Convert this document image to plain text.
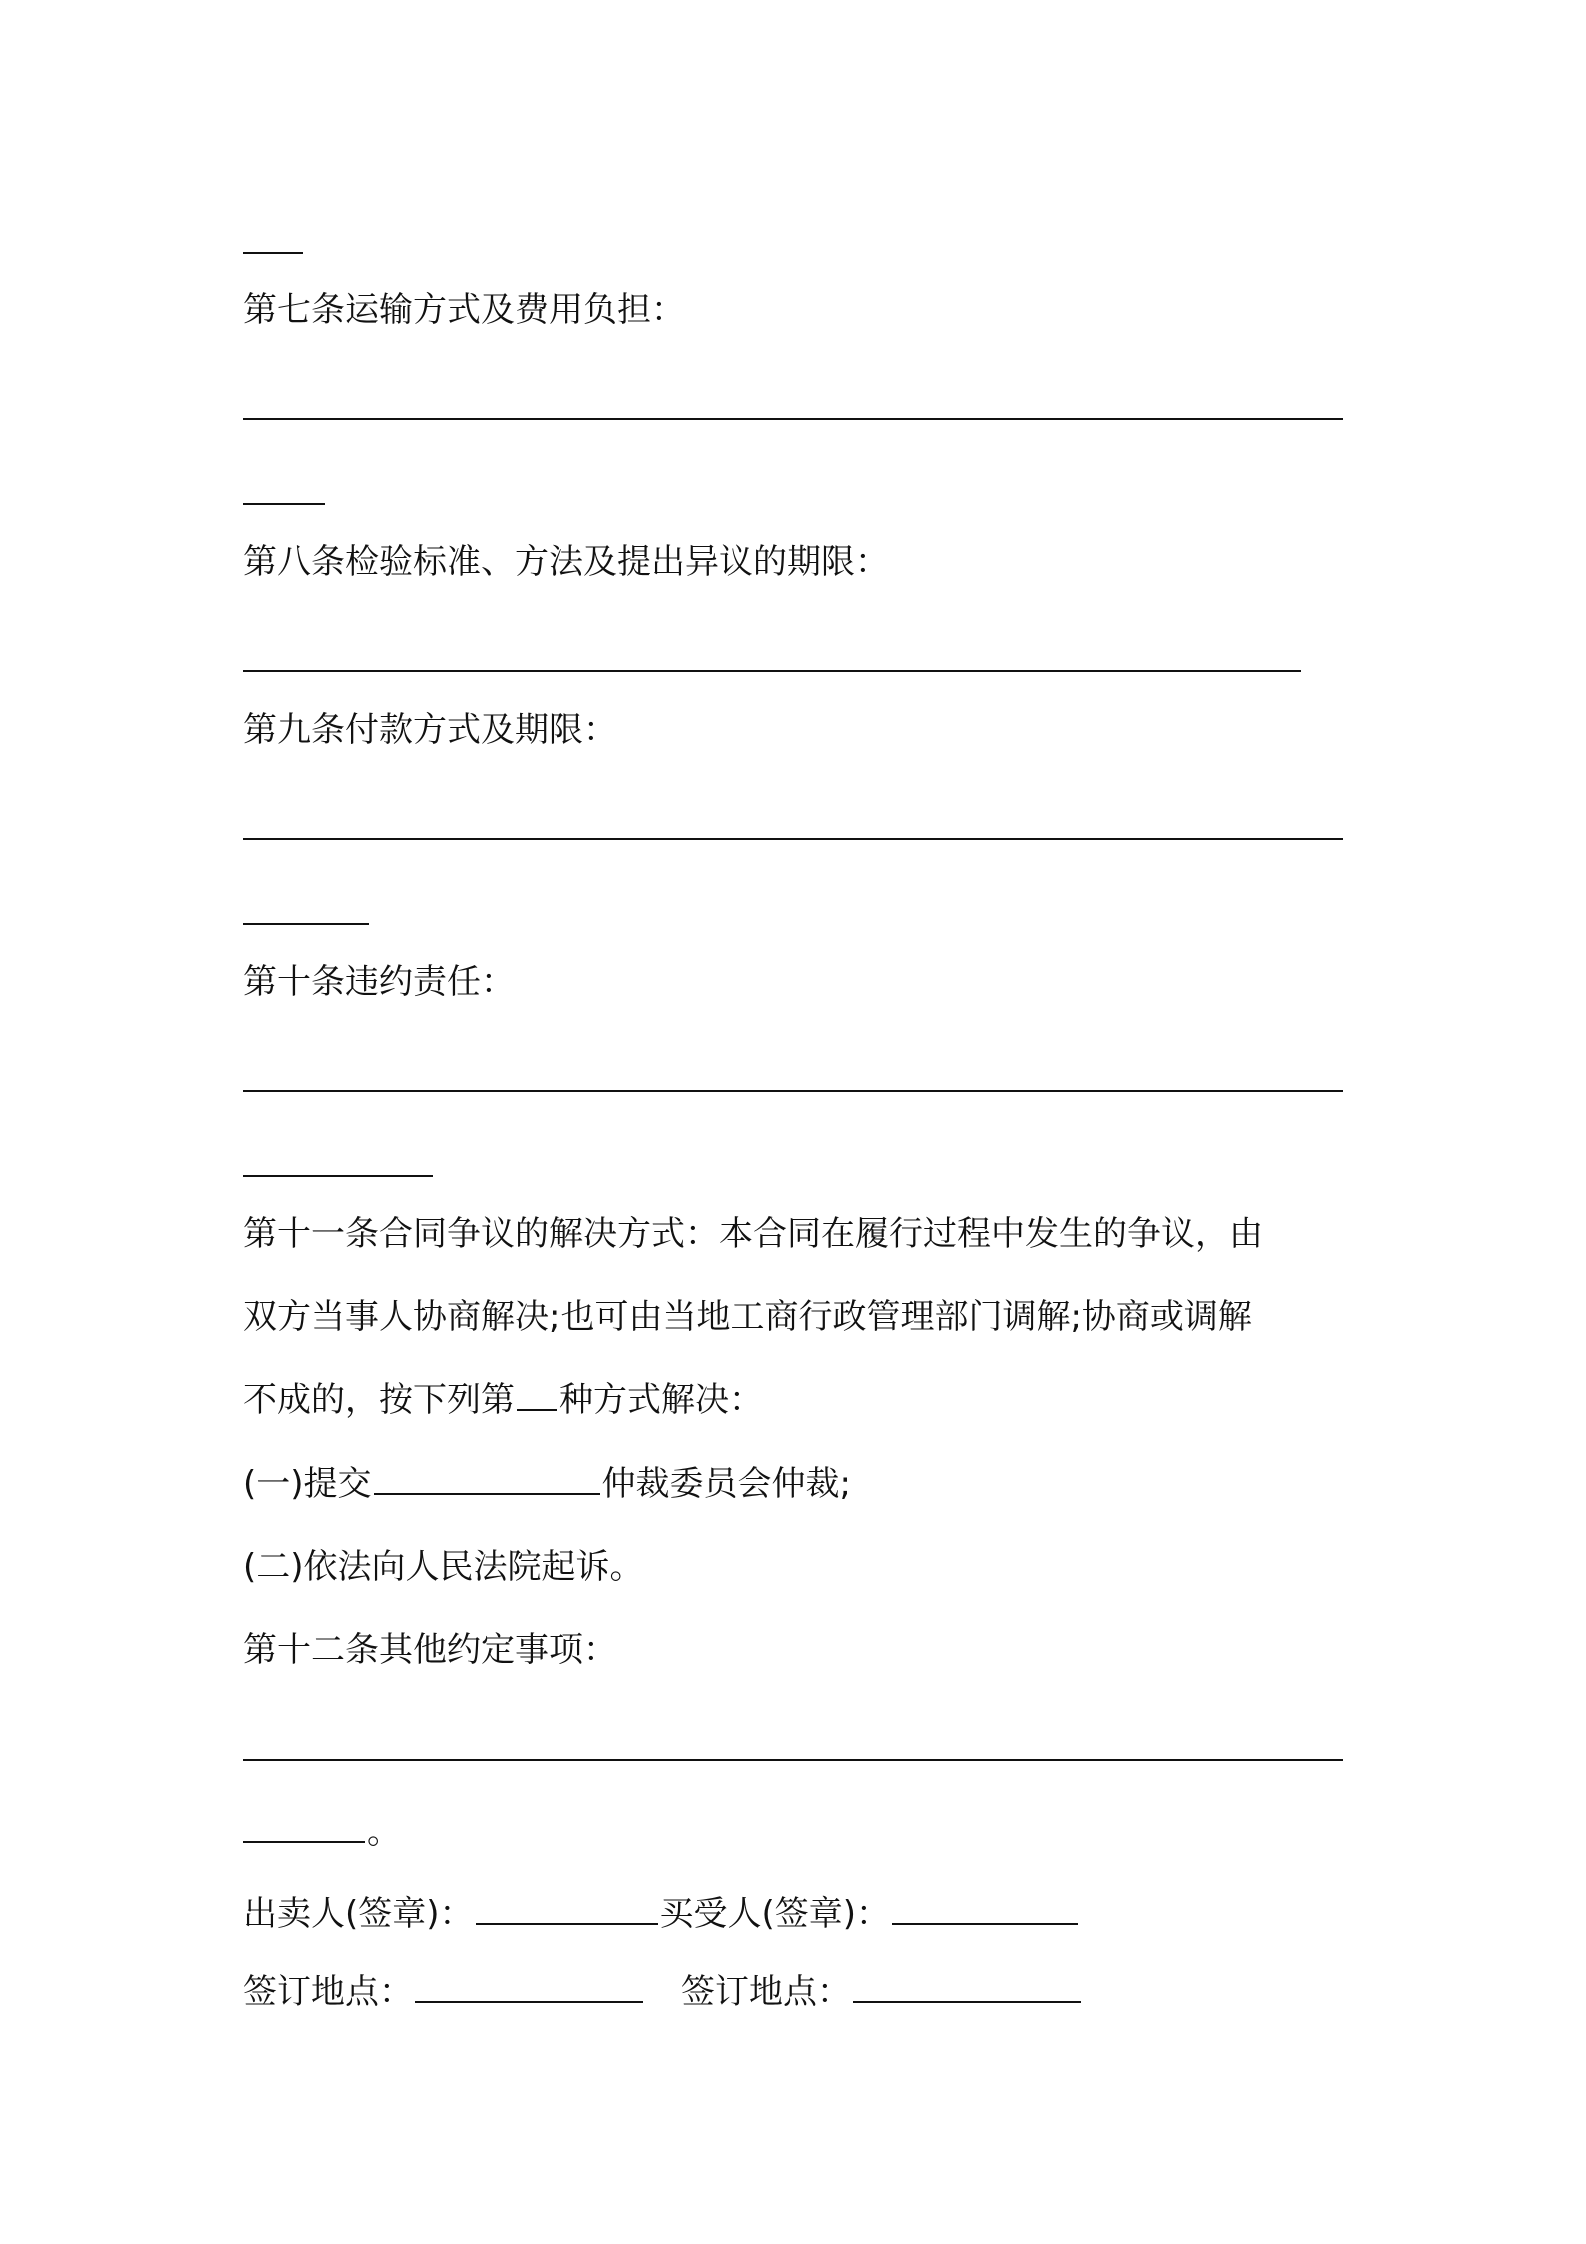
第七条运输方式及费用负担：
第八条检验标准、方法及提出异议的期限：
第九条付款方式及期限：
第十条违约责任：
第十一条合同争议的解决方式：本合同在履行过程中发生的争议，由
双方当事人协商解决;也可由当地工商行政管理部门调解;协商或调解
不成的，按下列第 种方式解决：
(一)提交	仲裁委员会仲裁;
(二)依法向人民法院起诉。
第十二条其他约定事项：
。
出卖人(签章)：	买受人(签章)：
签订地点：	签订地点：
